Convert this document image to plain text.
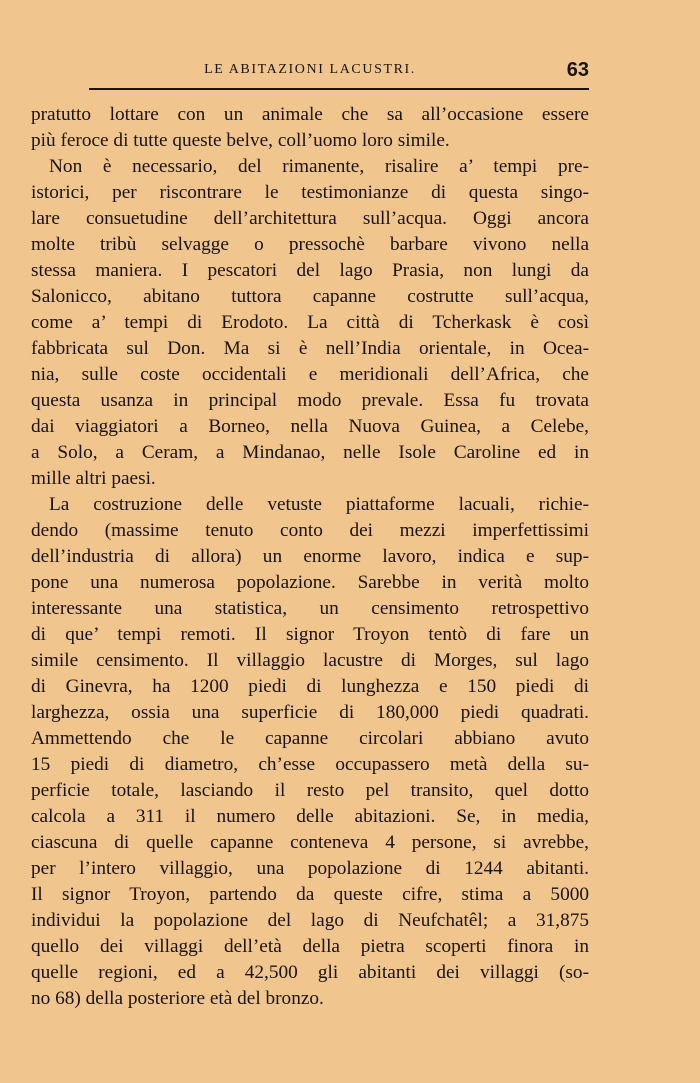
LE ABITAZIONI LACUSTRI.	63
pratutto lottare con un animale che sa all’occasione essere
più feroce di tutte queste belve, coll’uomo loro simile.
Non è necessario, del rimanente, risalire a’ tempi pre-
istorici, per riscontrare le testimonianze di questa singo-
lare consuetudine dell’architettura sull’acqua. Oggi ancora
molte tribù selvagge o pressochè barbare vivono nella
stessa maniera. I pescatori del lago Prasia, non lungi da
Salonicco, abitano tuttora capanne costrutte sull’acqua,
come a’ tempi di Erodoto. La città di Tcherkask è così
fabbricata sul Don. Ma si è nell’India orientale, in Ocea-
nia, sulle coste occidentali e meridionali dell’Africa, che
questa usanza in principal modo prevale. Essa fu trovata
dai viaggiatori a Borneo, nella Nuova Guinea, a Celebe,
a Solo, a Ceram, a Mindanao, nelle Isole Caroline ed in
mille altri paesi.
La costruzione delle vetuste piattaforme lacuali, richie-
dendo (massime tenuto conto dei mezzi imperfettissimi
dell’industria di allora) un enorme lavoro, indica e sup-
pone una numerosa popolazione. Sarebbe in verità molto
interessante una statistica, un censimento retrospettivo
di que’ tempi remoti. Il signor Troyon tentò di fare un
simile censimento. Il villaggio lacustre di Morges, sul lago
di Ginevra, ha 1200 piedi di lunghezza e 150 piedi di
larghezza, ossia una superficie di 180,000 piedi quadrati.
Ammettendo che le capanne circolari abbiano avuto
15 piedi di diametro, ch’esse occupassero metà della su-
perficie totale, lasciando il resto pel transito, quel dotto
calcola a 311 il numero delle abitazioni. Se, in media,
ciascuna di quelle capanne conteneva 4 persone, si avrebbe,
per l’intero villaggio, una popolazione di 1244 abitanti.
Il signor Troyon, partendo da queste cifre, stima a 5000
individui la popolazione del lago di Neufchatêl; a 31,875
quello dei villaggi dell’età della pietra scoperti finora in
quelle regioni, ed a 42,500 gli abitanti dei villaggi (so-
no 68) della posteriore età del bronzo.
